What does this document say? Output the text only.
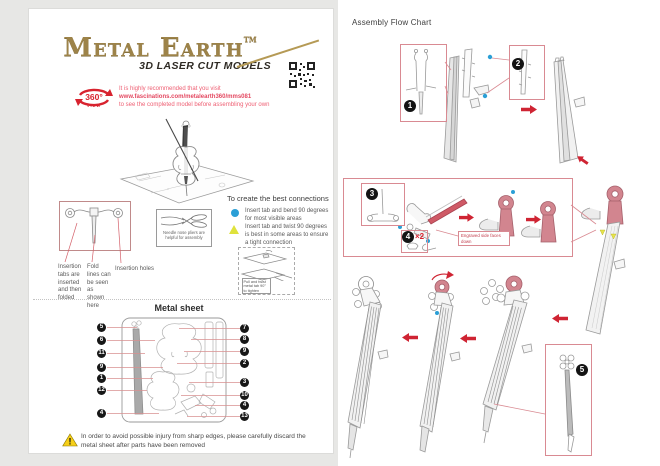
Metal Earth™
3D LASER CUT MODELS
360°
VIEW
It is highly recommended that you visit
www.fascinations.com/metalearth360/mms081
to see the completed model before assembling your own
Insertion tabs are inserted and then folded
Fold lines can be seen as shown here
Insertion holes
Needle nose pliers are helpful for assembly
To create the best connections
Insert tab and bend 90 degrees for most visible areas
Insert tab and twist 90 degrees is best in some areas to ensure a tight connection
Pull and twist metal tab 90° to tighten
Metal sheet
5
6
11
9
1
12
4
7
8
9
2
3
10
4
13
! In order to avoid possible injury from sharp edges, please carefully discard the metal sheet after parts have been removed
Assembly Flow Chart
1
2
3
4 ×2
5
Engraved side faces down
